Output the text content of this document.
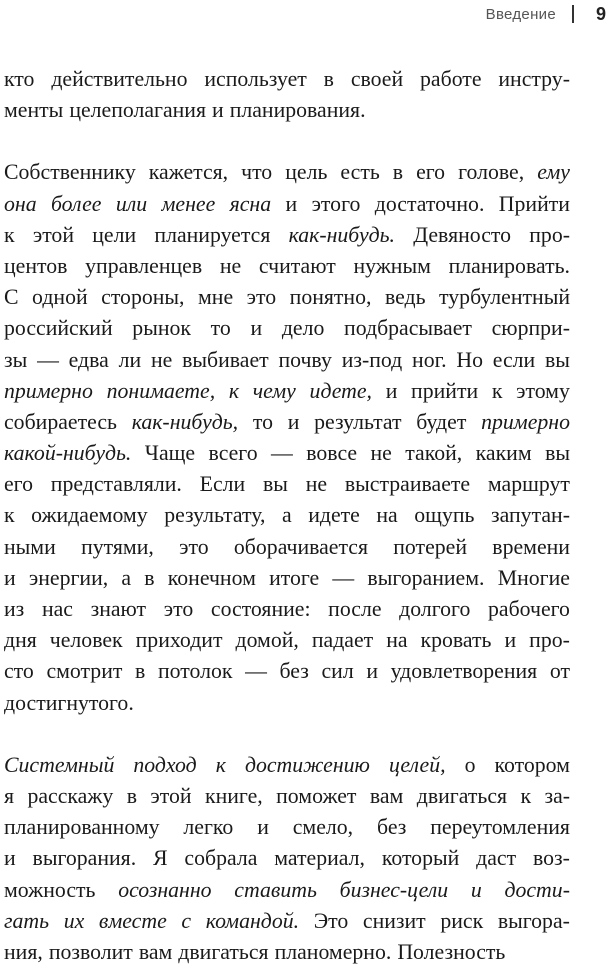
Введение 9
кто действительно использует в своей работе инстру-
менты целеполагания и планирования.
Собственнику кажется, что цель есть в его голове, ему
она более или менее ясна и этого достаточно. Прийти
к этой цели планируется как-нибудь. Девяносто про-
центов управленцев не считают нужным планировать.
С одной стороны, мне это понятно, ведь турбулентный
российский рынок то и дело подбрасывает сюрпри-
зы — едва ли не выбивает почву из-под ног. Но если вы
примерно понимаете, к чему идете, и прийти к этому
собираетесь как-нибудь, то и результат будет примерно
какой-нибудь. Чаще всего — вовсе не такой, каким вы
его представляли. Если вы не выстраиваете маршрут
к ожидаемому результату, а идете на ощупь запутан-
ными путями, это оборачивается потерей времени
и энергии, а в конечном итоге — выгоранием. Многие
из нас знают это состояние: после долгого рабочего
дня человек приходит домой, падает на кровать и про-
сто смотрит в потолок — без сил и удовлетворения от
достигнутого.
Системный подход к достижению целей, о котором
я расскажу в этой книге, поможет вам двигаться к за-
планированному легко и смело, без переутомления
и выгорания. Я собрала материал, который даст воз-
можность осознанно ставить бизнес-цели и дости-
гать их вместе с командой. Это снизит риск выгора-
ния, позволит вам двигаться планомерно. Полезность
